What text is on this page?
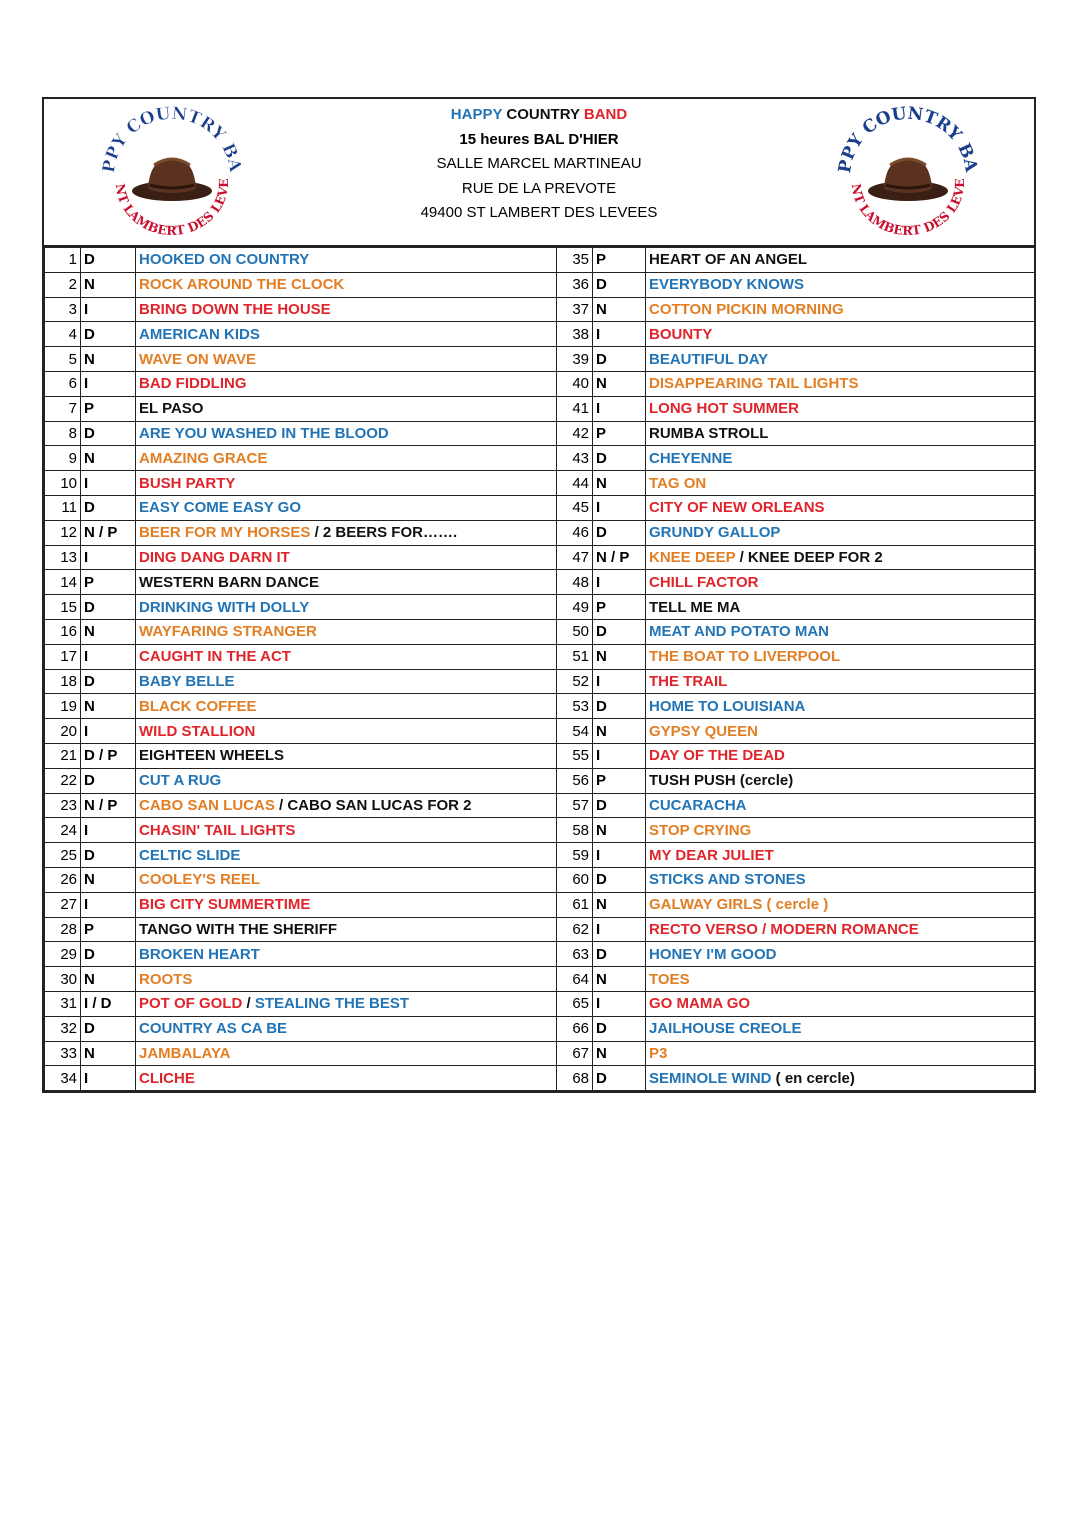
PPY COUNTRY BA
NT LAMBERT DES LEVE
HAPPY COUNTRY BAND
15 heures BAL D'HIER
SALLE MARCEL MARTINEAU
RUE DE LA PREVOTE
49400 ST LAMBERT DES LEVEES
PPY COUNTRY BA
NT LAMBERT DES LEVE
1	D	HOOKED ON COUNTRY	35	P	HEART OF AN ANGEL
2	N	ROCK AROUND THE CLOCK	36	D	EVERYBODY KNOWS
3	I	BRING DOWN THE HOUSE	37	N	COTTON PICKIN MORNING
4	D	AMERICAN KIDS	38	I	BOUNTY
5	N	WAVE ON WAVE	39	D	BEAUTIFUL DAY
6	I	BAD FIDDLING	40	N	DISAPPEARING TAIL LIGHTS
7	P	EL PASO	41	I	LONG HOT SUMMER
8	D	ARE YOU WASHED IN THE BLOOD	42	P	RUMBA STROLL
9	N	AMAZING GRACE	43	D	CHEYENNE
10	I	BUSH PARTY	44	N	TAG ON
11	D	EASY COME EASY GO	45	I	CITY OF NEW ORLEANS
12	N / P	BEER FOR MY HORSES / 2 BEERS FOR…….	46	D	GRUNDY GALLOP
13	I	DING DANG DARN IT	47	N / P	KNEE DEEP / KNEE DEEP FOR 2
14	P	WESTERN BARN DANCE	48	I	CHILL FACTOR
15	D	DRINKING WITH DOLLY	49	P	TELL ME MA
16	N	WAYFARING STRANGER	50	D	MEAT AND POTATO MAN
17	I	CAUGHT IN THE ACT	51	N	THE BOAT TO LIVERPOOL
18	D	BABY BELLE	52	I	THE TRAIL
19	N	BLACK COFFEE	53	D	HOME TO LOUISIANA
20	I	WILD STALLION	54	N	GYPSY QUEEN
21	D / P	EIGHTEEN WHEELS	55	I	DAY OF THE DEAD
22	D	CUT A RUG	56	P	TUSH PUSH (cercle)
23	N / P	CABO SAN LUCAS / CABO SAN LUCAS FOR 2	57	D	CUCARACHA
24	I	CHASIN' TAIL LIGHTS	58	N	STOP CRYING
25	D	CELTIC SLIDE	59	I	MY DEAR JULIET
26	N	COOLEY'S REEL	60	D	STICKS AND STONES
27	I	BIG CITY SUMMERTIME	61	N	GALWAY GIRLS ( cercle )
28	P	TANGO WITH THE SHERIFF	62	I	RECTO VERSO / MODERN ROMANCE
29	D	BROKEN HEART	63	D	HONEY I'M GOOD
30	N	ROOTS	64	N	TOES
31	I / D	POT OF GOLD / STEALING THE BEST	65	I	GO MAMA GO
32	D	COUNTRY AS CA BE	66	D	JAILHOUSE CREOLE
33	N	JAMBALAYA	67	N	P3
34	I	CLICHE	68	D	SEMINOLE WIND ( en cercle)
